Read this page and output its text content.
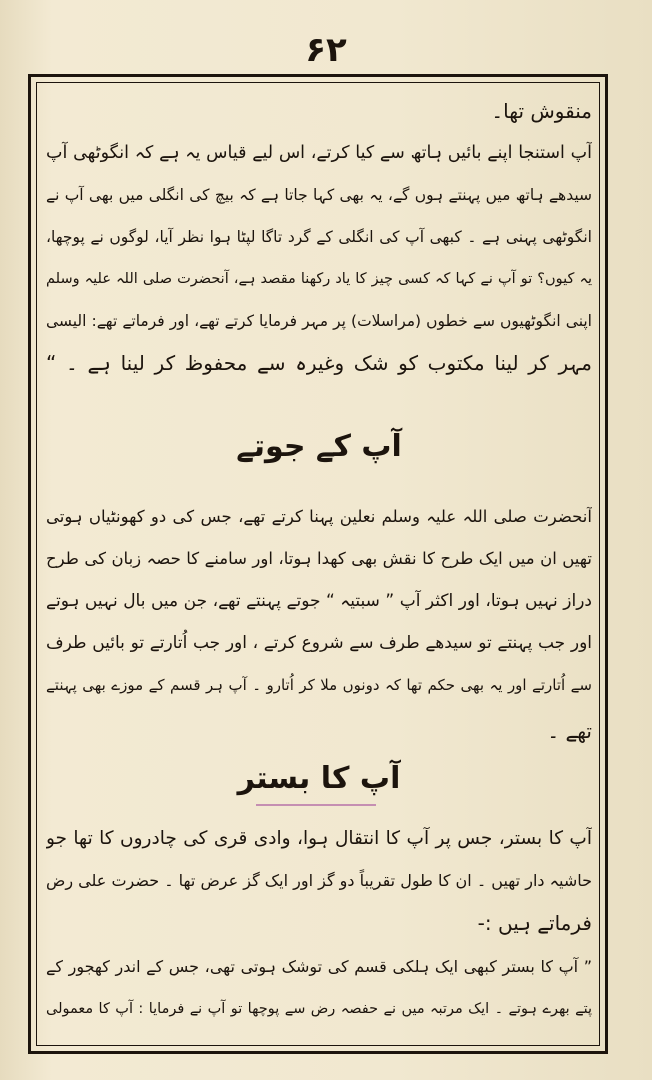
۶۲
منقوش تھا۔
آپ استنجا اپنے بائیں ہاتھ سے کیا کرتے، اس لیے قیاس یہ ہے کہ انگوٹھی آپ
سیدھے ہاتھ میں پہنتے ہوں گے، یہ بھی کہا جاتا ہے کہ بیچ کی انگلی میں بھی آپ نے
انگوٹھی پہنی ہے ۔ کبھی آپ کی انگلی کے گرد تاگا لپٹا ہوا نظر آیا، لوگوں نے پوچھا،
یہ کیوں؟ تو آپ نے کہا کہ کسی چیز کا یاد رکھنا مقصد ہے، آنحضرت صلی اللہ علیہ وسلم
اپنی انگوٹھیوں سے خطوں (مراسلات) پر مہر فرمایا کرتے تھے، اور فرماتے تھے: الیسی
مہر کر لینا مکتوب کو شک وغیرہ سے محفوظ کر لینا ہے ۔ “
آپ کے جوتے
آنحضرت صلی اللہ علیہ وسلم نعلین پہنا کرتے تھے، جس کی دو کھونٹیاں ہوتی
تھیں ان میں ایک طرح کا نقش بھی کھدا ہوتا، اور سامنے کا حصہ زبان کی طرح
دراز نہیں ہوتا، اور اکثر آپ ” سبتیہ “ جوتے پہنتے تھے، جن میں بال نہیں ہوتے
اور جب پہنتے تو سیدھے طرف سے شروع کرتے ، اور جب اُتارتے تو بائیں طرف
سے اُتارتے اور یہ بھی حکم تھا کہ دونوں ملا کر اُتارو ۔ آپ ہر قسم کے موزے بھی پہنتے
تھے ۔
آپ کا بستر
آپ کا بستر، جس پر آپ کا انتقال ہوا، وادی قری کی چادروں کا تھا جو
حاشیہ دار تھیں ۔ ان کا طول تقریباً دو گز اور ایک گز عرض تھا ۔ حضرت علی رض
فرماتے ہیں :-
” آپ کا بستر کبھی ایک ہلکی قسم کی توشک ہوتی تھی، جس کے اندر کھجور کے
پتے بھرے ہوتے ۔ ایک مرتبہ میں نے حفصہ رض سے پوچھا تو آپ نے فرمایا : آپ کا معمولی
